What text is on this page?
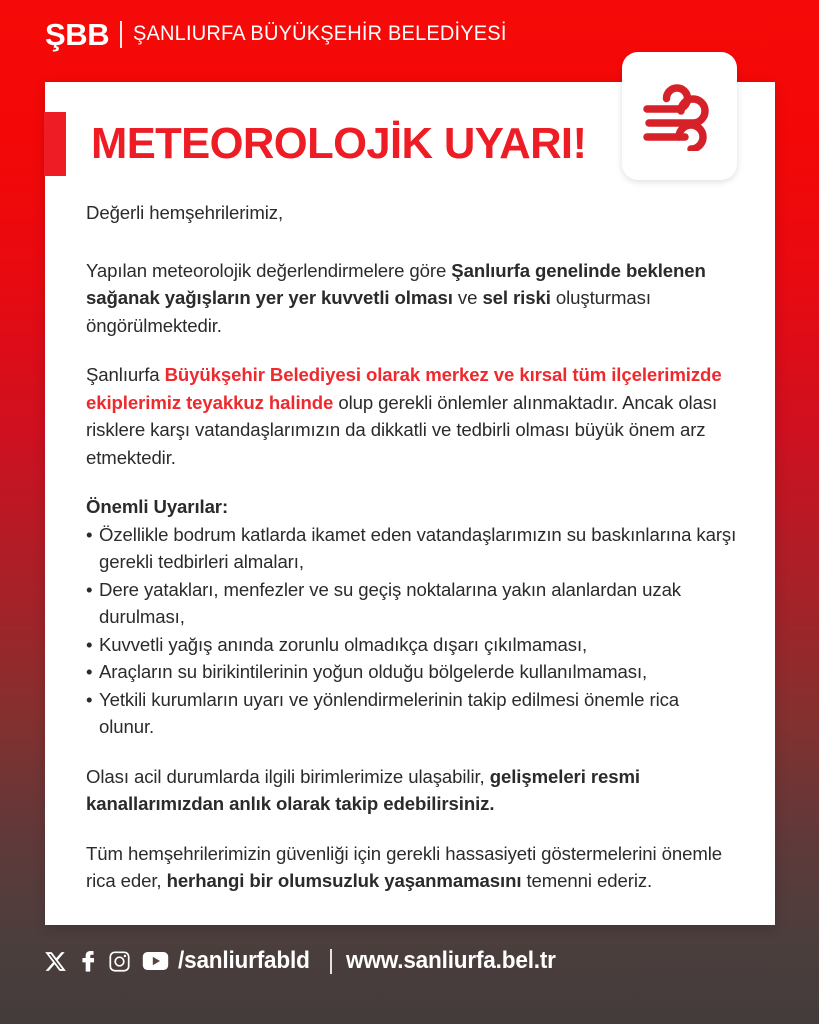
ŞBB ŞANLIURFA BÜYÜKŞEHİR BELEDİYESİ
METEOROLOJİK UYARI!

Değerli hemşehrilerimiz,

Yapılan meteorolojik değerlendirmelere göre Şanlıurfa genelinde beklenen sağanak yağışların yer yer kuvvetli olması ve sel riski oluşturması öngörülmektedir.

Şanlıurfa Büyükşehir Belediyesi olarak merkez ve kırsal tüm ilçelerimizde ekiplerimiz teyakkuz halinde olup gerekli önlemler alınmaktadır. Ancak olası risklere karşı vatandaşlarımızın da dikkatli ve tedbirli olması büyük önem arz etmektedir.

Önemli Uyarılar:

• Özellikle bodrum katlarda ikamet eden vatandaşlarımızın su baskınlarına karşı gerekli tedbirleri almaları,
• Dere yatakları, menfezler ve su geçiş noktalarına yakın alanlardan uzak durulması,
• Kuvvetli yağış anında zorunlu olmadıkça dışarı çıkılmaması,
• Araçların su birikintilerinin yoğun olduğu bölgelerde kullanılmaması,
• Yetkili kurumların uyarı ve yönlendirmelerinin takip edilmesi önemle rica olunur.

Olası acil durumlarda ilgili birimlerimize ulaşabilir, gelişmeleri resmi kanallarımızdan anlık olarak takip edebilirsiniz.

Tüm hemşehrilerimizin güvenliği için gerekli hassasiyeti göstermelerini önemle rica eder, herhangi bir olumsuzluk yaşanmamasını temenni ederiz.

/sanliurfabld www.sanliurfa.bel.tr
